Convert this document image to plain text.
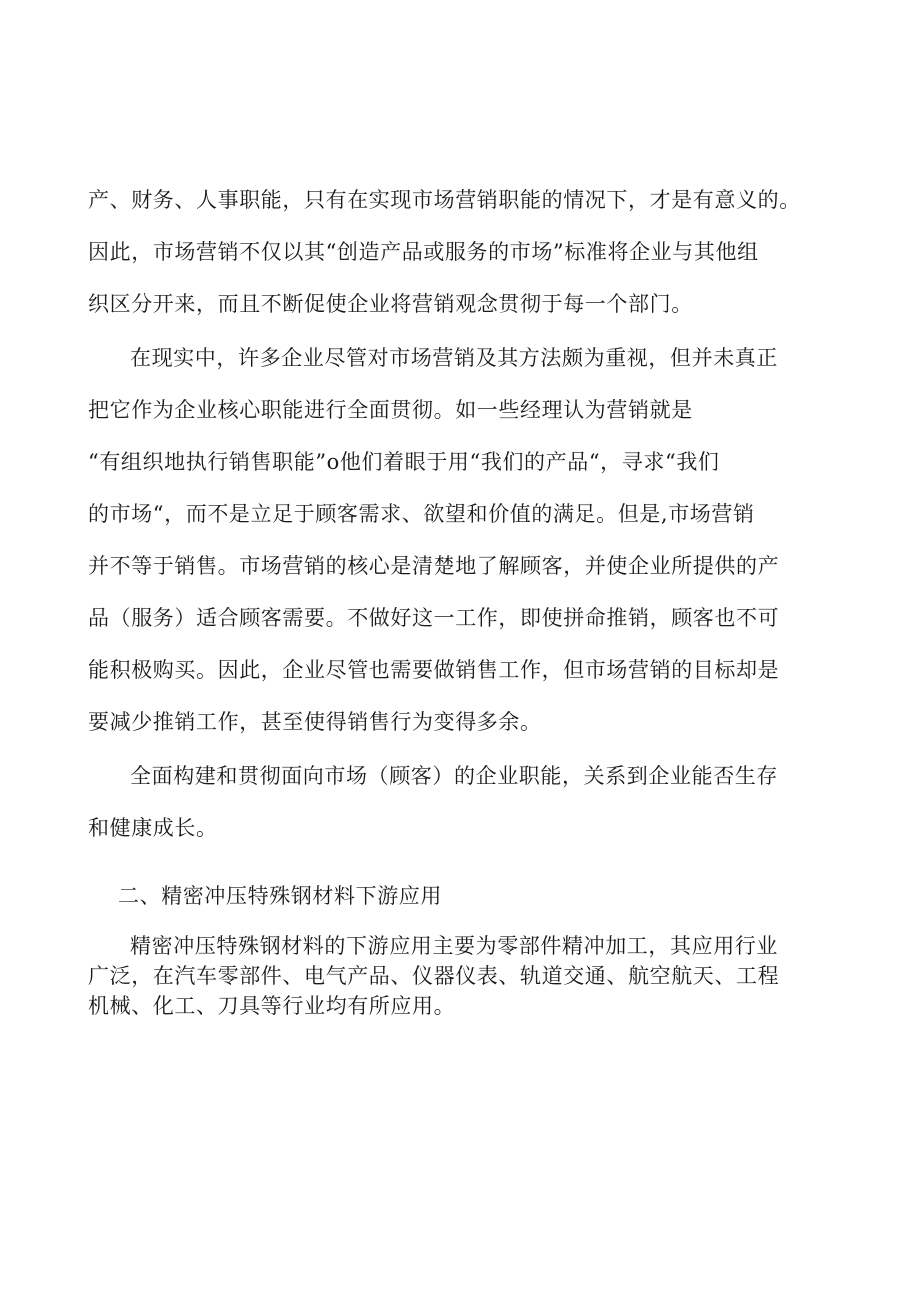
产、财务、人事职能，只有在实现市场营销职能的情况下，才是有意义的。
因此，市场营销不仅以其“创造产品或服务的市场”标准将企业与其他组
织区分开来，而且不断促使企业将营销观念贯彻于每一个部门。
在现实中，许多企业尽管对市场营销及其方法颇为重视，但并未真正
把它作为企业核心职能进行全面贯彻。如一些经理认为营销就是
“有组织地执行销售职能”o他们着眼于用“我们的产品“，寻求“我们
的市场“，而不是立足于顾客需求、欲望和价值的满足。但是,市场营销
并不等于销售。市场营销的核心是清楚地了解顾客，并使企业所提供的产
品（服务）适合顾客需要。不做好这一工作，即使拼命推销，顾客也不可
能积极购买。因此，企业尽管也需要做销售工作，但市场营销的目标却是
要减少推销工作，甚至使得销售行为变得多余。
全面构建和贯彻面向市场（顾客）的企业职能，关系到企业能否生存
和健康成长。
二、精密冲压特殊钢材料下游应用
精密冲压特殊钢材料的下游应用主要为零部件精冲加工，其应用行业
广泛，在汽车零部件、电气产品、仪器仪表、轨道交通、航空航天、工程
机械、化工、刀具等行业均有所应用。
